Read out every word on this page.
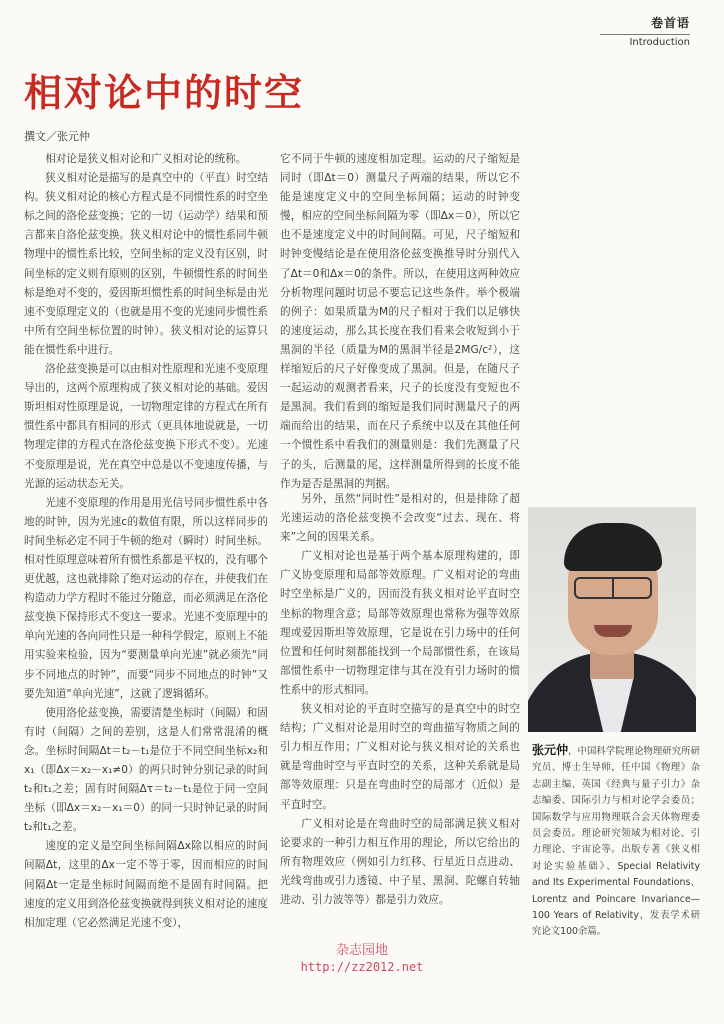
卷首语
Introduction
相对论中的时空
撰文／张元仲

相对论是狭义相对论和广义相对论的统称。

狭义相对论是描写的是真空中的（平直）时空结构。狭义相对论的核心方程式是不同惯性系的时空坐标之间的洛伦兹变换；它的一切（运动学）结果和预言都来自洛伦兹变换。狭义相对论中的惯性系同牛顿物理中的惯性系比较，空间坐标的定义没有区别，时间坐标的定义则有原则的区别，牛顿惯性系的时间坐标是绝对不变的，爱因斯坦惯性系的时间坐标是由光速不变原理定义的（也就是用不变的光速同步惯性系中所有空间坐标位置的时钟）。狭义相对论的运算只能在惯性系中进行。

洛伦兹变换是可以由相对性原理和光速不变原理导出的，这两个原理构成了狭义相对论的基础。爱因斯坦相对性原理是说，一切物理定律的方程式在所有惯性系中都具有相同的形式（更具体地说就是，一切物理定律的方程式在洛伦兹变换下形式不变）。光速不变原理是说，光在真空中总是以不变速度传播，与光源的运动状态无关。

光速不变原理的作用是用光信号同步惯性系中各地的时钟，因为光速c的数值有限，所以这样同步的时间坐标必定不同于牛顿的绝对（瞬时）时间坐标。相对性原理意味着所有惯性系都是平权的，没有哪个更优越，这也就排除了绝对运动的存在，并使我们在构造动力学方程时不能过分随意，而必须满足在洛伦兹变换下保持形式不变这一要求。光速不变原理中的单向光速的各向同性只是一种科学假定，原则上不能用实验来检验，因为“要测量单向光速”就必须先“同步不同地点的时钟”，而要“同步不同地点的时钟”又要先知道“单向光速”，这就了逻辑循环。

使用洛伦兹变换，需要清楚坐标时（间隔）和固有时（间隔）之间的差别，这是人们常常混淆的概念。坐标时间隔Δt＝t₂－t₁是位于不同空间坐标x₂和x₁（即Δx＝x₂－x₁≠0）的两只时钟分别记录的时间t₂和t₁之差；固有时间隔Δτ＝t₂－t₁是位于同一空间坐标（即Δx＝x₂－x₁＝0）的同一只时钟记录的时间t₂和t₁之差。

速度的定义是空间坐标间隔Δx除以相应的时间间隔Δt，这里的Δx一定不等于零，因而相应的时间间隔Δt一定是坐标时间隔而绝不是固有时间隔。把速度的定义用到洛伦兹变换就得到狭义相对论的速度相加定理（它必然满足光速不变），

它不同于牛顿的速度相加定理。运动的尺子缩短是同时（即Δt＝0）测量尺子两端的结果，所以它不能是速度定义中的空间坐标间隔；运动的时钟变慢，相应的空间坐标间隔为零（即Δx＝0），所以它也不是速度定义中的时间间隔。可见，尺子缩短和时钟变慢结论是在使用洛伦兹变换推导时分别代入了Δt＝0和Δx＝0的条件。所以，在使用这两种效应分析物理问题时切忌不要忘记这些条件。举个极端的例子：如果质量为M的尺子相对于我们以足够快的速度运动，那么其长度在我们看来会收短到小于黑洞的半径（质量为M的黑洞半径是2MG/c²），这样缩短后的尺子好像变成了黑洞。但是，在随尺子一起运动的观测者看来，尺子的长度没有变短也不是黑洞。我们看到的缩短是我们同时测量尺子的两端而给出的结果，而在尺子系统中以及在其他任何一个惯性系中看我们的测量则是：我们先测量了尺子的头，后测量的尾，这样测量所得到的长度不能作为是否是黑洞的判据。

另外，虽然“同时性”是相对的，但是排除了超光速运动的洛伦兹变换不会改变“过去、现在、将来”之间的因果关系。

广义相对论也是基于两个基本原理构建的，即广义协变原理和局部等效原理。广义相对论的弯曲时空坐标是广义的，因而没有狭义相对论平直时空坐标的物理含意；局部等效原理也常称为强等效原理或爱因斯坦等效原理，它是说在引力场中的任何位置和任何时刻都能找到一个局部惯性系，在该局部惯性系中一切物理定律与其在没有引力场时的惯性系中的形式相同。

狭义相对论的平直时空描写的是真空中的时空结构；广义相对论是用时空的弯曲描写物质之间的引力相互作用；广义相对论与狭义相对论的关系也就是弯曲时空与平直时空的关系，这种关系就是局部等效原理：只是在弯曲时空的局部才（近似）是平直时空。

广义相对论是在弯曲时空的局部满足狭义相对论要求的一种引力相互作用的理论，所以它给出的所有物理效应（例如引力红移、行星近日点进动、光线弯曲或引力透镜、中子星、黑洞、陀螺自转轴进动、引力波等等）都是引力效应。

张元仲，中国科学院理论物理研究所研究员、博士生导师，任中国《物理》杂志副主编、英国《经典与量子引力》杂志编委、国际引力与相对论学会委员；国际数学与应用物理联合会天体物理委员会委员。理论研究领域为相对论、引力理论、宇宙论等。出版专著《狭义相对论实验基础》、Special Relativity and Its Experimental Foundations、Lorentz and Poincare Invariance—100 Years of Relativity，发表学术研究论文100余篇。
杂志园地
http://zz2012.net
